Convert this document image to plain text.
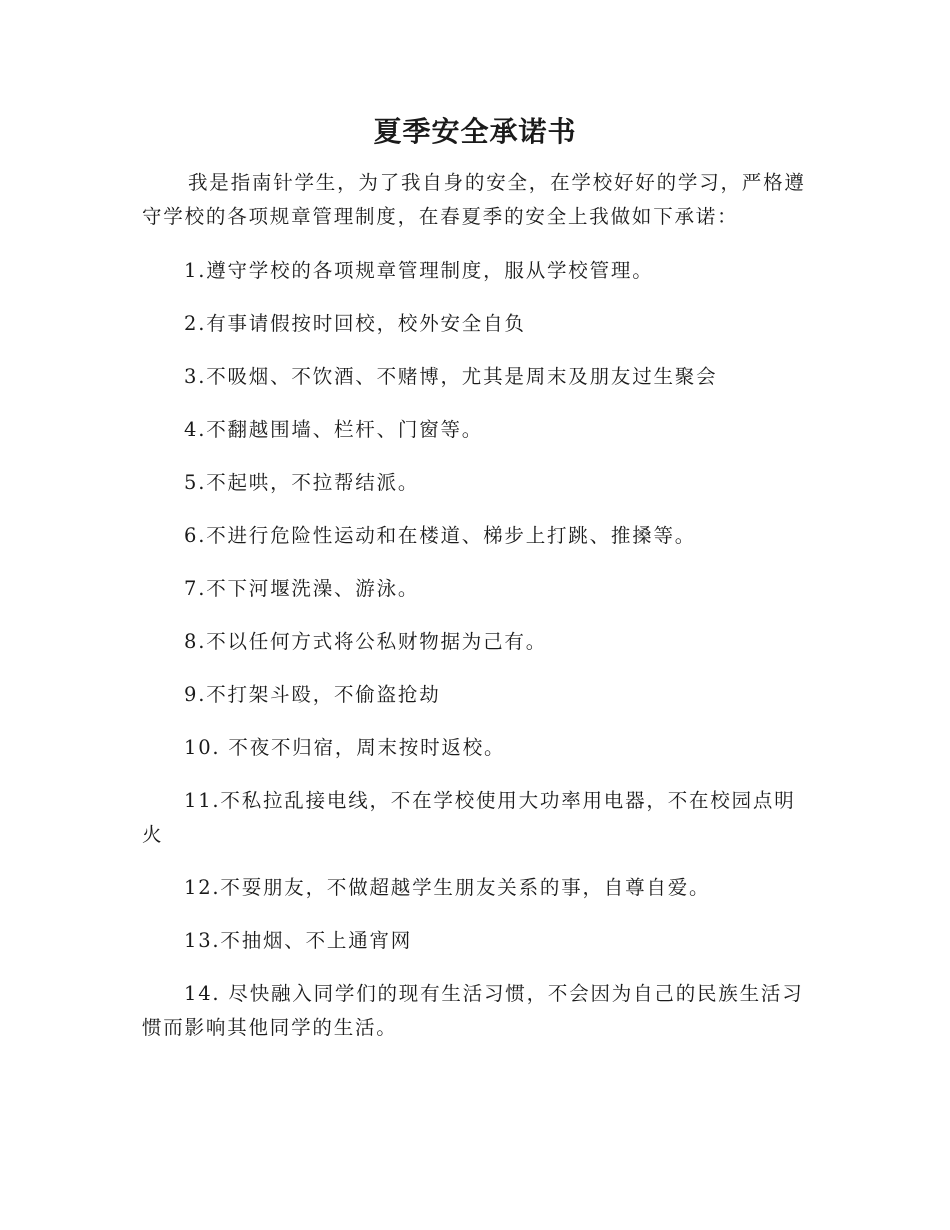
夏季安全承诺书
我是指南针学生，为了我自身的安全，在学校好好的学习，严格遵守学校的各项规章管理制度，在春夏季的安全上我做如下承诺：

1.遵守学校的各项规章管理制度，服从学校管理。

2.有事请假按时回校，校外安全自负

3.不吸烟、不饮酒、不赌博，尤其是周末及朋友过生聚会

4.不翻越围墙、栏杆、门窗等。

5.不起哄，不拉帮结派。

6.不进行危险性运动和在楼道、梯步上打跳、推搡等。

7.不下河堰洗澡、游泳。

8.不以任何方式将公私财物据为己有。

9.不打架斗殴，不偷盗抢劫

10. 不夜不归宿，周末按时返校。

11.不私拉乱接电线，不在学校使用大功率用电器，不在校园点明火

12.不耍朋友，不做超越学生朋友关系的事，自尊自爱。

13.不抽烟、不上通宵网

14. 尽快融入同学们的现有生活习惯，不会因为自己的民族生活习惯而影响其他同学的生活。
